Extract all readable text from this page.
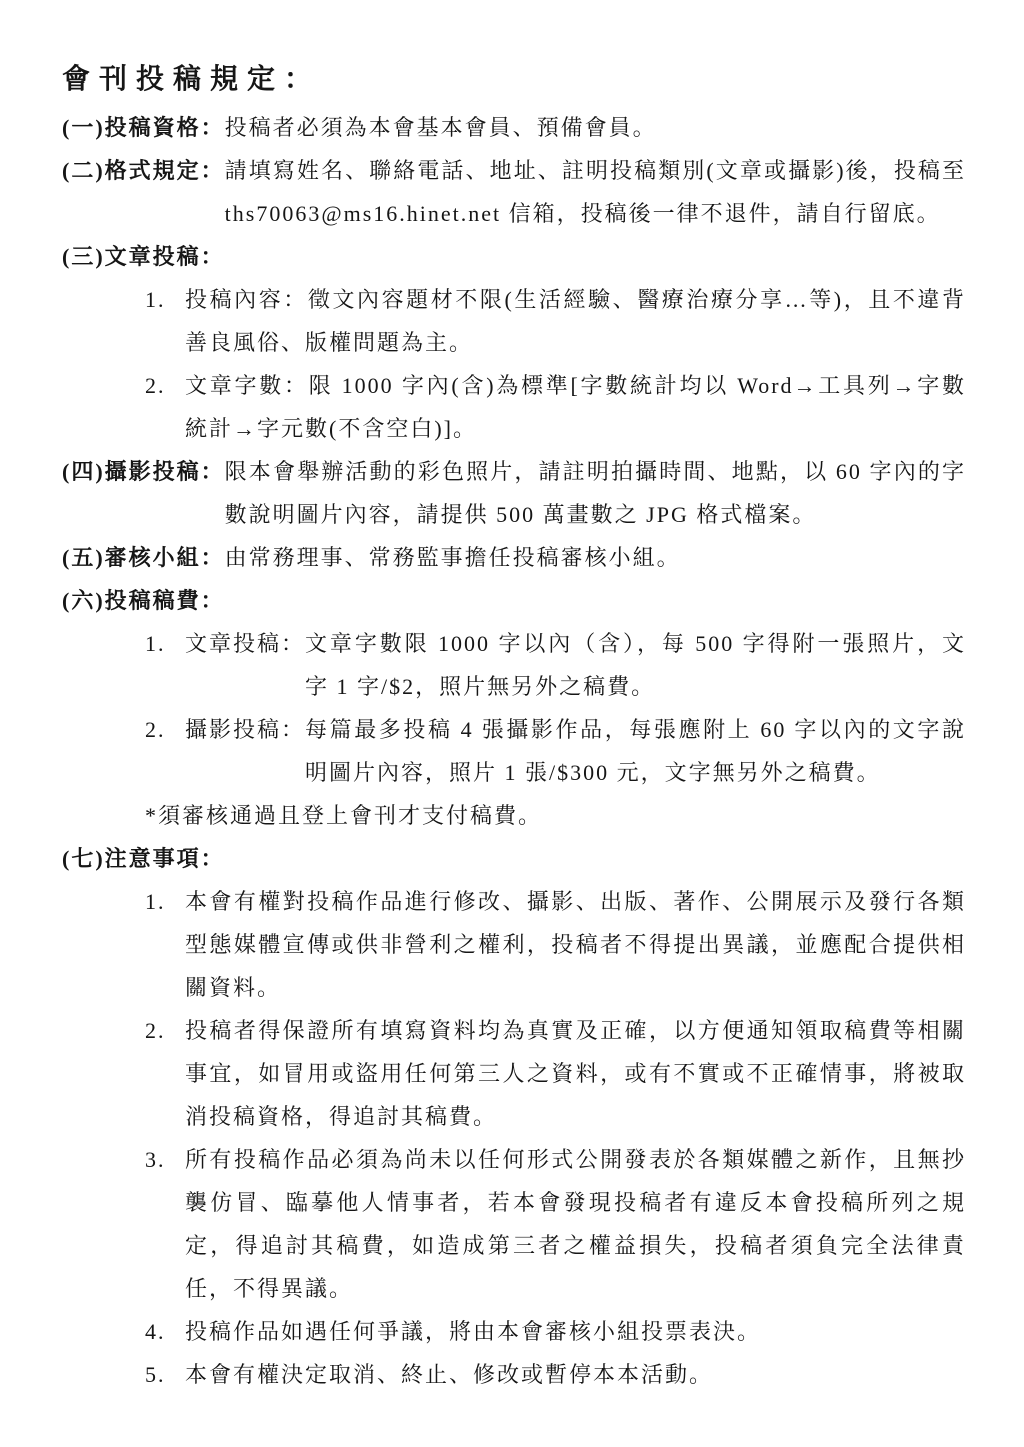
會刊投稿規定：
(一)投稿資格： 投稿者必須為本會基本會員、預備會員。
(二)格式規定： 請填寫姓名、聯絡電話、地址、註明投稿類別(文章或攝影)後，投稿至 ths70063@ms16.hinet.net 信箱，投稿後一律不退件，請自行留底。
(三)文章投稿：
1. 投稿內容：徵文內容題材不限(生活經驗、醫療治療分享…等)，且不違背善良風俗、版權問題為主。
2. 文章字數：限 1000 字內(含)為標準[字數統計均以 Word→工具列→字數統計→字元數(不含空白)]。
(四)攝影投稿： 限本會舉辦活動的彩色照片，請註明拍攝時間、地點，以 60 字內的字數說明圖片內容，請提供 500 萬畫數之 JPG 格式檔案。
(五)審核小組： 由常務理事、常務監事擔任投稿審核小組。
(六)投稿稿費：
1. 文章投稿： 文章字數限 1000 字以內（含），每 500 字得附一張照片，文字 1 字/$2，照片無另外之稿費。
2. 攝影投稿： 每篇最多投稿 4 張攝影作品，每張應附上 60 字以內的文字說明圖片內容，照片 1 張/$300 元，文字無另外之稿費。
*須審核通過且登上會刊才支付稿費。
(七)注意事項：
1. 本會有權對投稿作品進行修改、攝影、出版、著作、公開展示及發行各類型態媒體宣傳或供非營利之權利，投稿者不得提出異議，並應配合提供相關資料。
2. 投稿者得保證所有填寫資料均為真實及正確，以方便通知領取稿費等相關事宜，如冒用或盜用任何第三人之資料，或有不實或不正確情事，將被取消投稿資格，得追討其稿費。
3. 所有投稿作品必須為尚未以任何形式公開發表於各類媒體之新作，且無抄襲仿冒、臨摹他人情事者，若本會發現投稿者有違反本會投稿所列之規定，得追討其稿費，如造成第三者之權益損失，投稿者須負完全法律責任，不得異議。
4. 投稿作品如遇任何爭議，將由本會審核小組投票表決。
5. 本會有權決定取消、終止、修改或暫停本本活動。
